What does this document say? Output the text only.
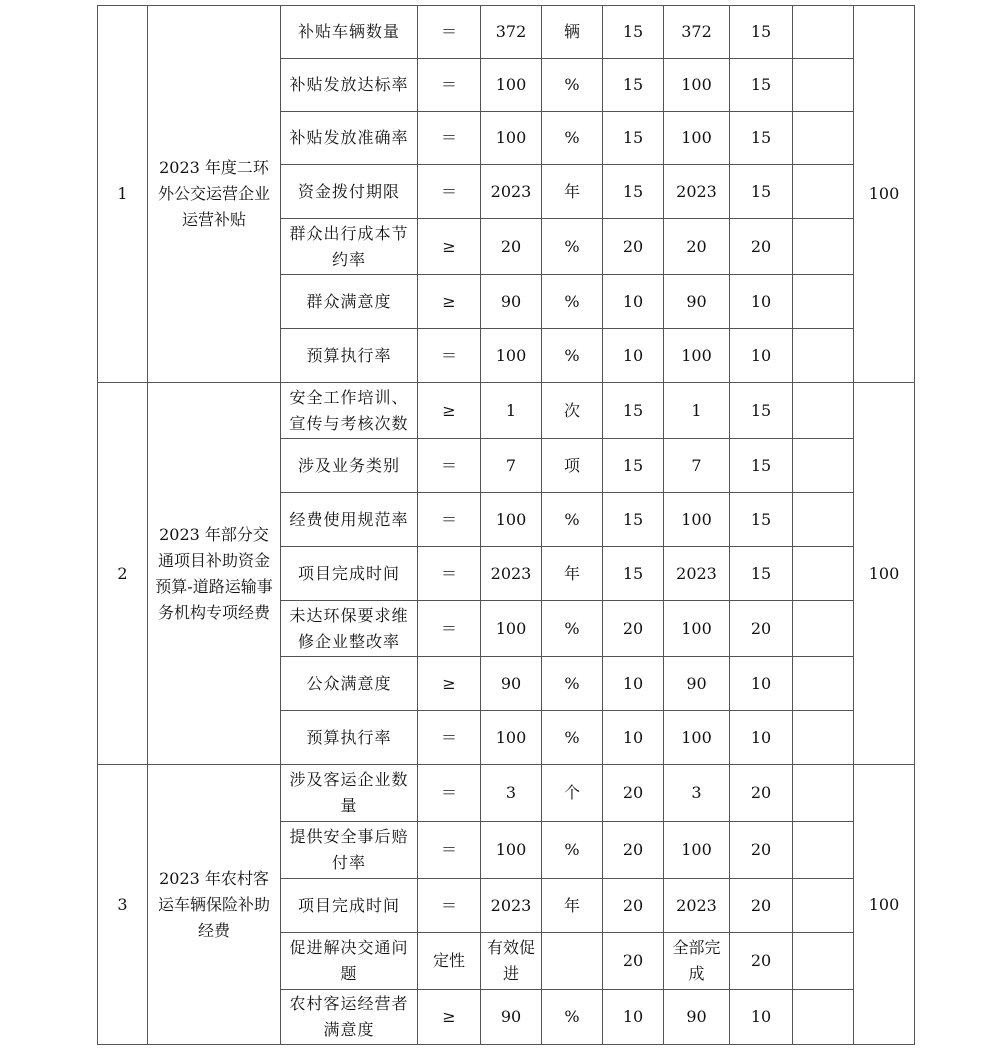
1	2023 年度二环外公交运营企业运营补贴	补贴车辆数量	＝	372	辆	15	372	15		100
		补贴发放达标率	＝	100	%	15	100	15		
		补贴发放准确率	＝	100	%	15	100	15		
		资金拨付期限	＝	2023	年	15	2023	15		
		群众出行成本节约率	≥	20	%	20	20	20		
		群众满意度	≥	90	%	10	90	10		
		预算执行率	＝	100	%	10	100	10		
2	2023 年部分交通项目补助资金预算-道路运输事务机构专项经费	安全工作培训、宣传与考核次数	≥	1	次	15	1	15		100
		涉及业务类别	＝	7	项	15	7	15		
		经费使用规范率	＝	100	%	15	100	15		
		项目完成时间	＝	2023	年	15	2023	15		
		未达环保要求维修企业整改率	＝	100	%	20	100	20		
		公众满意度	≥	90	%	10	90	10		
		预算执行率	＝	100	%	10	100	10		
3	2023 年农村客运车辆保险补助经费	涉及客运企业数量	＝	3	个	20	3	20		100
		提供安全事后赔付率	＝	100	%	20	100	20		
		项目完成时间	＝	2023	年	20	2023	20		
		促进解决交通问题	定性	有效促进		20	全部完成	20		
		农村客运经营者满意度	≥	90	%	10	90	10		
